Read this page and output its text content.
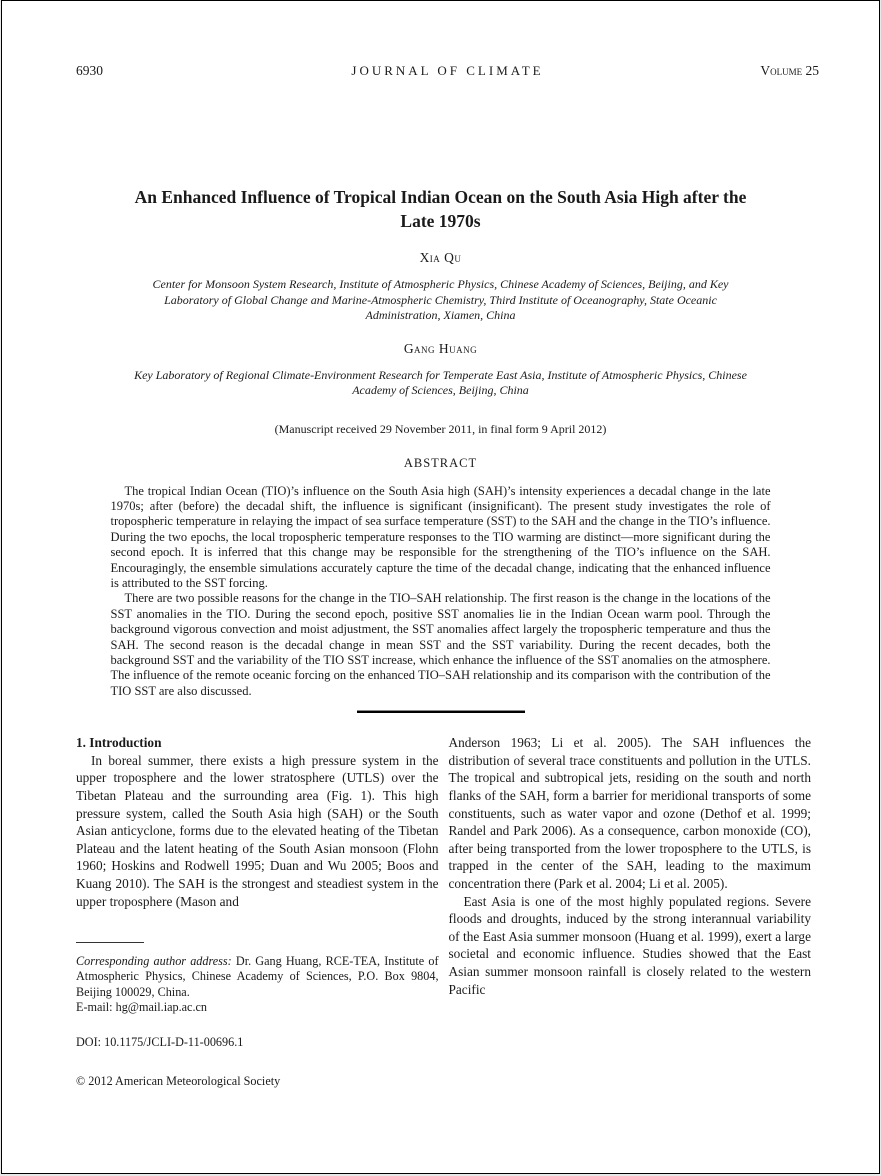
6930	JOURNAL OF CLIMATE	Volume 25
An Enhanced Influence of Tropical Indian Ocean on the South Asia High after the Late 1970s
Xia Qu
Center for Monsoon System Research, Institute of Atmospheric Physics, Chinese Academy of Sciences, Beijing, and Key Laboratory of Global Change and Marine-Atmospheric Chemistry, Third Institute of Oceanography, State Oceanic Administration, Xiamen, China
Gang Huang
Key Laboratory of Regional Climate-Environment Research for Temperate East Asia, Institute of Atmospheric Physics, Chinese Academy of Sciences, Beijing, China
(Manuscript received 29 November 2011, in final form 9 April 2012)
ABSTRACT

The tropical Indian Ocean (TIO)’s influence on the South Asia high (SAH)’s intensity experiences a decadal change in the late 1970s; after (before) the decadal shift, the influence is significant (insignificant). The present study investigates the role of tropospheric temperature in relaying the impact of sea surface temperature (SST) to the SAH and the change in the TIO’s influence. During the two epochs, the local tropospheric temperature responses to the TIO warming are distinct—more significant during the second epoch. It is inferred that this change may be responsible for the strengthening of the TIO’s influence on the SAH. Encouragingly, the ensemble simulations accurately capture the time of the decadal change, indicating that the enhanced influence is attributed to the SST forcing.

There are two possible reasons for the change in the TIO–SAH relationship. The first reason is the change in the locations of the SST anomalies in the TIO. During the second epoch, positive SST anomalies lie in the Indian Ocean warm pool. Through the background vigorous convection and moist adjustment, the SST anomalies affect largely the tropospheric temperature and thus the SAH. The second reason is the decadal change in mean SST and the SST variability. During the recent decades, both the background SST and the variability of the TIO SST increase, which enhance the influence of the SST anomalies on the atmosphere. The influence of the remote oceanic forcing on the enhanced TIO–SAH relationship and its comparison with the contribution of the TIO SST are also discussed.

1. Introduction

In boreal summer, there exists a high pressure system in the upper troposphere and the lower stratosphere (UTLS) over the Tibetan Plateau and the surrounding area (Fig. 1). This high pressure system, called the South Asia high (SAH) or the South Asian anticyclone, forms due to the elevated heating of the Tibetan Plateau and the latent heating of the South Asian monsoon (Flohn 1960; Hoskins and Rodwell 1995; Duan and Wu 2005; Boos and Kuang 2010). The SAH is the strongest and steadiest system in the upper troposphere (Mason and

Corresponding author address: Dr. Gang Huang, RCE-TEA, Institute of Atmospheric Physics, Chinese Academy of Sciences, P.O. Box 9804, Beijing 100029, China.
E-mail: hg@mail.iap.ac.cn
DOI: 10.1175/JCLI-D-11-00696.1
© 2012 American Meteorological Society

Anderson 1963; Li et al. 2005). The SAH influences the distribution of several trace constituents and pollution in the UTLS. The tropical and subtropical jets, residing on the south and north flanks of the SAH, form a barrier for meridional transports of some constituents, such as water vapor and ozone (Dethof et al. 1999; Randel and Park 2006). As a consequence, carbon monoxide (CO), after being transported from the lower troposphere to the UTLS, is trapped in the center of the SAH, leading to the maximum concentration there (Park et al. 2004; Li et al. 2005).

East Asia is one of the most highly populated regions. Severe floods and droughts, induced by the strong interannual variability of the East Asia summer monsoon (Huang et al. 1999), exert a large societal and economic influence. Studies showed that the East Asian summer monsoon rainfall is closely related to the western Pacific
